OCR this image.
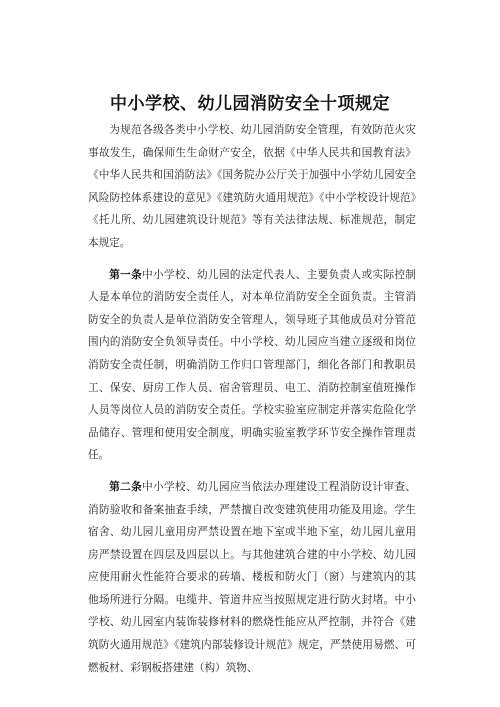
中小学校、幼儿园消防安全十项规定

为规范各级各类中小学校、幼儿园消防安全管理，有效防范火灾事故发生，确保师生生命财产安全，依据《中华人民共和国教育法》《中华人民共和国消防法》《国务院办公厅关于加强中小学幼儿园安全风险防控体系建设的意见》《建筑防火通用规范》《中小学校设计规范》《托儿所、幼儿园建筑设计规范》等有关法律法规、标准规范，制定本规定。

第一条中小学校、幼儿园的法定代表人、主要负责人或实际控制人是本单位的消防安全责任人，对本单位消防安全全面负责。主管消防安全的负责人是单位消防安全管理人，领导班子其他成员对分管范围内的消防安全负领导责任。中小学校、幼儿园应当建立逐级和岗位消防安全责任制，明确消防工作归口管理部门，细化各部门和教职员工、保安、厨房工作人员、宿舍管理员、电工、消防控制室值班操作人员等岗位人员的消防安全责任。学校实验室应制定并落实危险化学品储存、管理和使用安全制度，明确实验室教学环节安全操作管理责任。

第二条中小学校、幼儿园应当依法办理建设工程消防设计审查、消防验收和备案抽查手续，严禁擅自改变建筑使用功能及用途。学生宿舍、幼儿园儿童用房严禁设置在地下室或半地下室，幼儿园儿童用房严禁设置在四层及四层以上。与其他建筑合建的中小学校、幼儿园应使用耐火性能符合要求的砖墙、楼板和防火门（窗）与建筑内的其他场所进行分隔。电缆井、管道井应当按照规定进行防火封堵。中小学校、幼儿园室内装饰装修材料的燃烧性能应从严控制，并符合《建筑防火通用规范》《建筑内部装修设计规范》规定，严禁使用易燃、可燃板材、彩钢板搭建建（构）筑物、
